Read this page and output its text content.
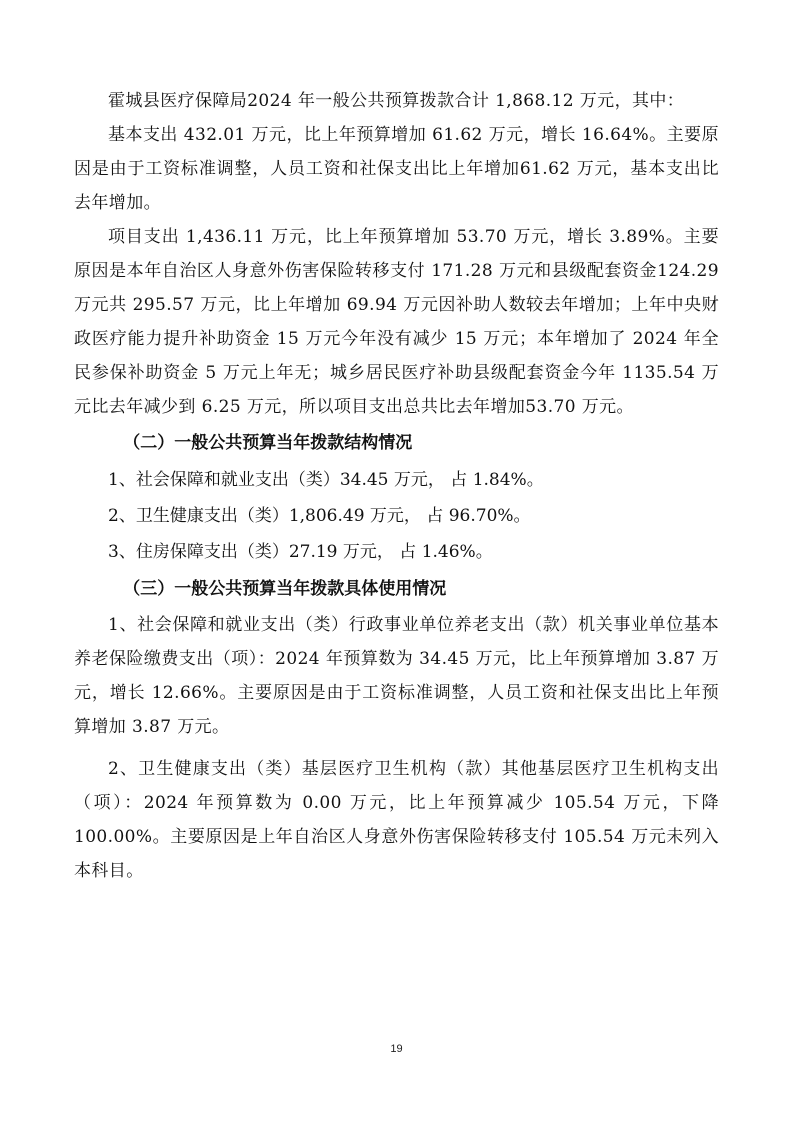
霍城县医疗保障局2024 年一般公共预算拨款合计 1,868.12 万元，其中：

基本支出 432.01 万元，比上年预算增加 61.62 万元，增长 16.64%。主要原因是由于工资标准调整，人员工资和社保支出比上年增加61.62 万元，基本支出比去年增加。

项目支出 1,436.11 万元，比上年预算增加 53.70 万元，增长 3.89%。主要原因是本年自治区人身意外伤害保险转移支付 171.28 万元和县级配套资金124.29 万元共 295.57 万元，比上年增加 69.94 万元因补助人数较去年增加；上年中央财政医疗能力提升补助资金 15 万元今年没有减少 15 万元；本年增加了 2024 年全民参保补助资金 5 万元上年无；城乡居民医疗补助县级配套资金今年 1135.54 万元比去年减少到 6.25 万元，所以项目支出总共比去年增加53.70 万元。

（二）一般公共预算当年拨款结构情况

1、社会保障和就业支出（类）34.45 万元， 占 1.84%。

2、卫生健康支出（类）1,806.49 万元， 占 96.70%。

3、住房保障支出（类）27.19 万元， 占 1.46%。

（三）一般公共预算当年拨款具体使用情况

1、社会保障和就业支出（类）行政事业单位养老支出（款）机关事业单位基本养老保险缴费支出（项）：2024 年预算数为 34.45 万元，比上年预算增加 3.87 万元，增长 12.66%。主要原因是由于工资标准调整，人员工资和社保支出比上年预算增加 3.87 万元。

2、卫生健康支出（类）基层医疗卫生机构（款）其他基层医疗卫生机构支出（项）：2024 年预算数为 0.00 万元，比上年预算减少 105.54 万元，下降100.00%。主要原因是上年自治区人身意外伤害保险转移支付 105.54 万元未列入本科目。

19
